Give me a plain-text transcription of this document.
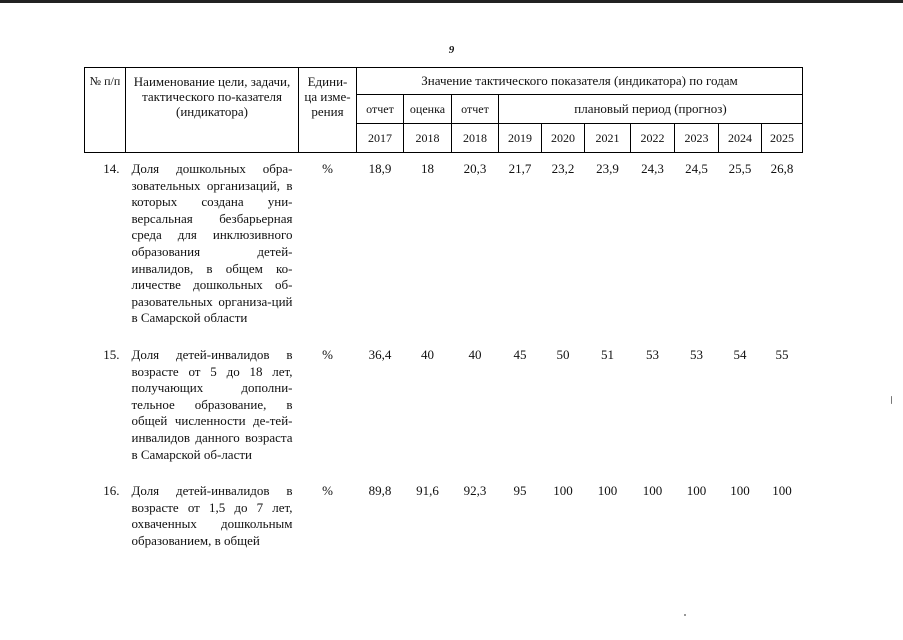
9
№ п/п	Наименование цели, задачи, тактического по-казателя (индикатора)	Едини-ца изме-рения	Значение тактического показателя (индикатора) по годам									
			отчет	оценка	отчет	плановый период (прогноз)						
			2017	2018	2018	2019	2020	2021	2022	2023	2024	2025
14.	Доля дошкольных обра-зовательных организаций, в которых создана уни-версальная безбарьерная среда для инклюзивного образования детей-инвалидов, в общем ко-личестве дошкольных об-разовательных организа-ций в Самарской области	%	18,9	18	20,3	21,7	23,2	23,9	24,3	24,5	25,5	26,8
15.	Доля детей-инвалидов в возрасте от 5 до 18 лет, получающих дополни-тельное образование, в общей численности де-тей-инвалидов данного возраста в Самарской об-ласти	%	36,4	40	40	45	50	51	53	53	54	55
16.	Доля детей-инвалидов в возрасте от 1,5 до 7 лет, охваченных дошкольным образованием, в общей	%	89,8	91,6	92,3	95	100	100	100	100	100	100
